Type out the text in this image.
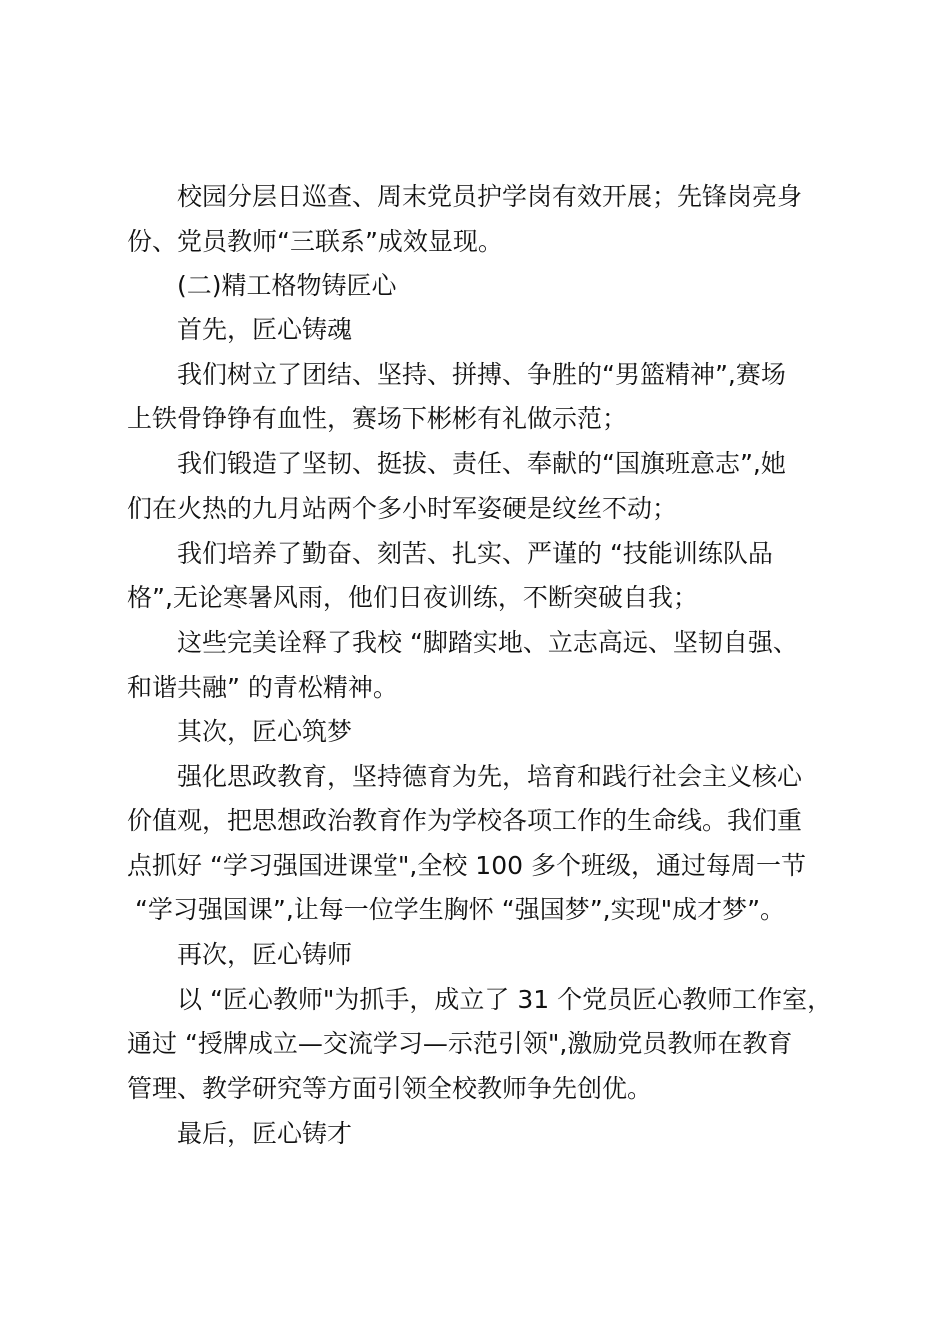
校园分层日巡查、周末党员护学岗有效开展；先锋岗亮身
份、党员教师“三联系”成效显现。
(二)精工格物铸匠心
首先，匠心铸魂
我们树立了团结、坚持、拼搏、争胜的“男篮精神”,赛场
上铁骨铮铮有血性，赛场下彬彬有礼做示范；
我们锻造了坚韧、挺拔、责任、奉献的“国旗班意志”,她
们在火热的九月站两个多小时军姿硬是纹丝不动；
我们培养了勤奋、刻苦、扎实、严谨的 “技能训练队品
格”,无论寒暑风雨，他们日夜训练，不断突破自我；
这些完美诠释了我校 “脚踏实地、立志高远、坚韧自强、
和谐共融” 的青松精神。
其次，匠心筑梦
强化思政教育，坚持德育为先，培育和践行社会主义核心
价值观，把思想政治教育作为学校各项工作的生命线。我们重
点抓好 “学习强国进课堂",全校 100 多个班级，通过每周一节
“学习强国课”,让每一位学生胸怀 “强国梦”,实现"成才梦”。
再次，匠心铸师
以 “匠心教师"为抓手，成立了 31 个党员匠心教师工作室，
通过 “授牌成立—交流学习—示范引领",激励党员教师在教育
管理、教学研究等方面引领全校教师争先创优。
最后，匠心铸才
